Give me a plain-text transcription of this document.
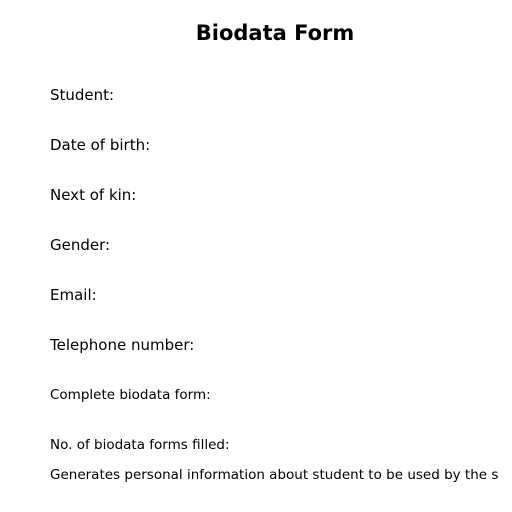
Biodata Form
Student:
Date of birth:
Next of kin:
Gender:
Email:
Telephone number:
Complete biodata form:
No. of biodata forms filled:
Generates personal information about student to be used by the s
